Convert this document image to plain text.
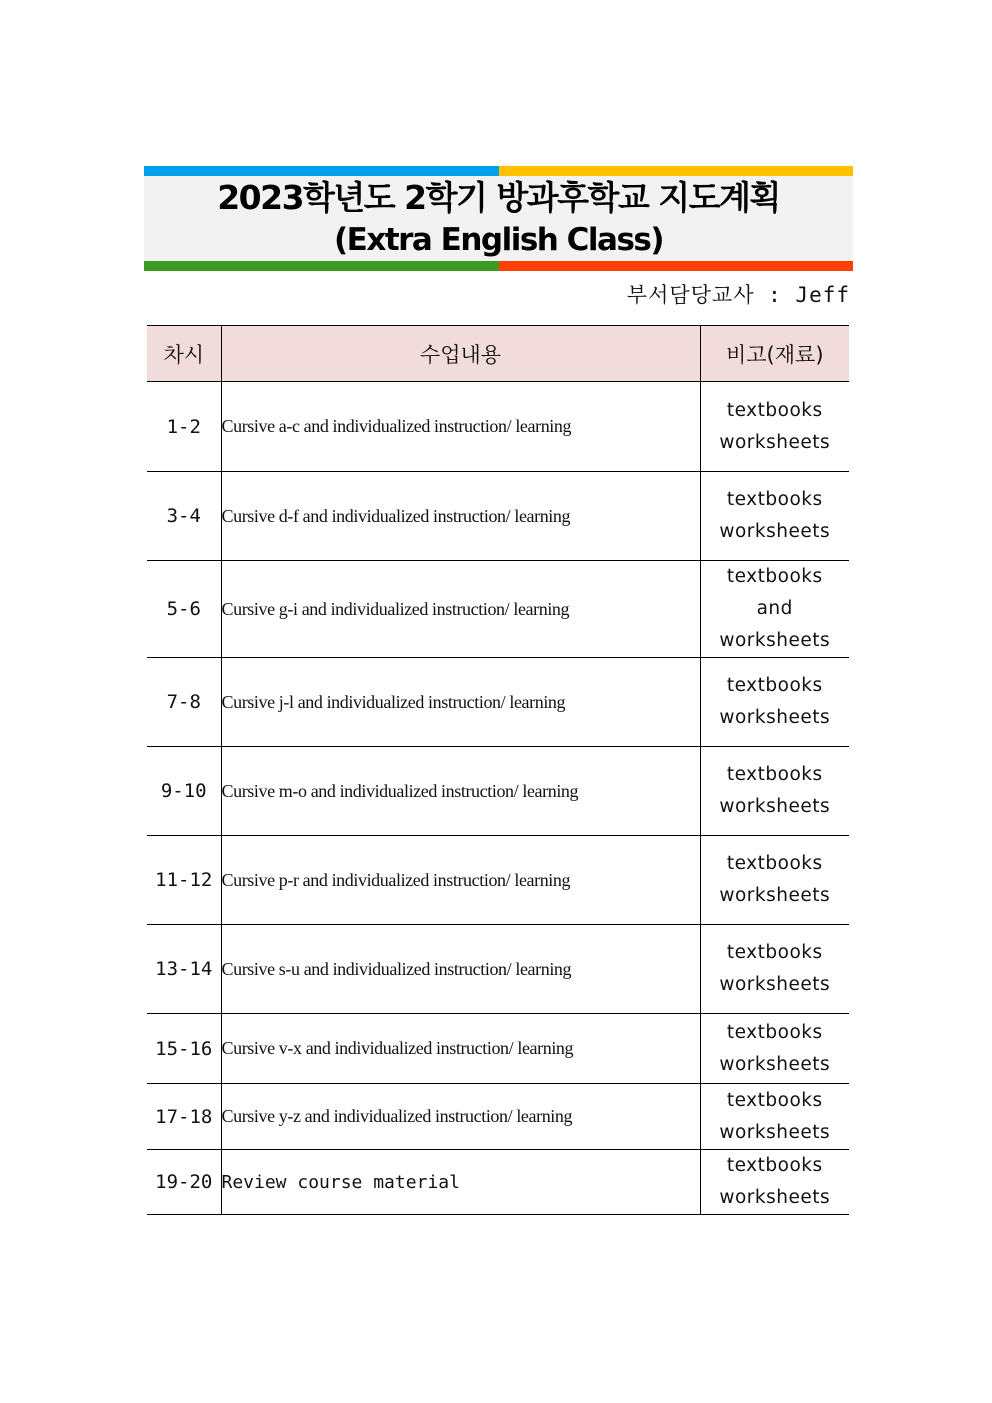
2023학년도 2학기 방과후학교 지도계획
(Extra English Class)
부서담당교사 : Jeff
차시	수업내용	비고(재료)
1-2	Cursive a-c and individualized instruction/ learning	textbooks
worksheets

3-4	Cursive d-f and individualized instruction/ learning	textbooks
worksheets

5-6	Cursive g-i and individualized instruction/ learning	textbooks
and
worksheets

7-8	Cursive j-l and individualized instruction/ learning	textbooks
worksheets

9-10	Cursive m-o and individualized instruction/ learning	textbooks
worksheets

11-12	Cursive p-r and individualized instruction/ learning	textbooks
worksheets

13-14	Cursive s-u and individualized instruction/ learning	textbooks
worksheets

15-16	Cursive v-x and individualized instruction/ learning	textbooks
worksheets

17-18	Cursive y-z and individualized instruction/ learning	textbooks
worksheets

19-20	Review course material	textbooks
worksheets
